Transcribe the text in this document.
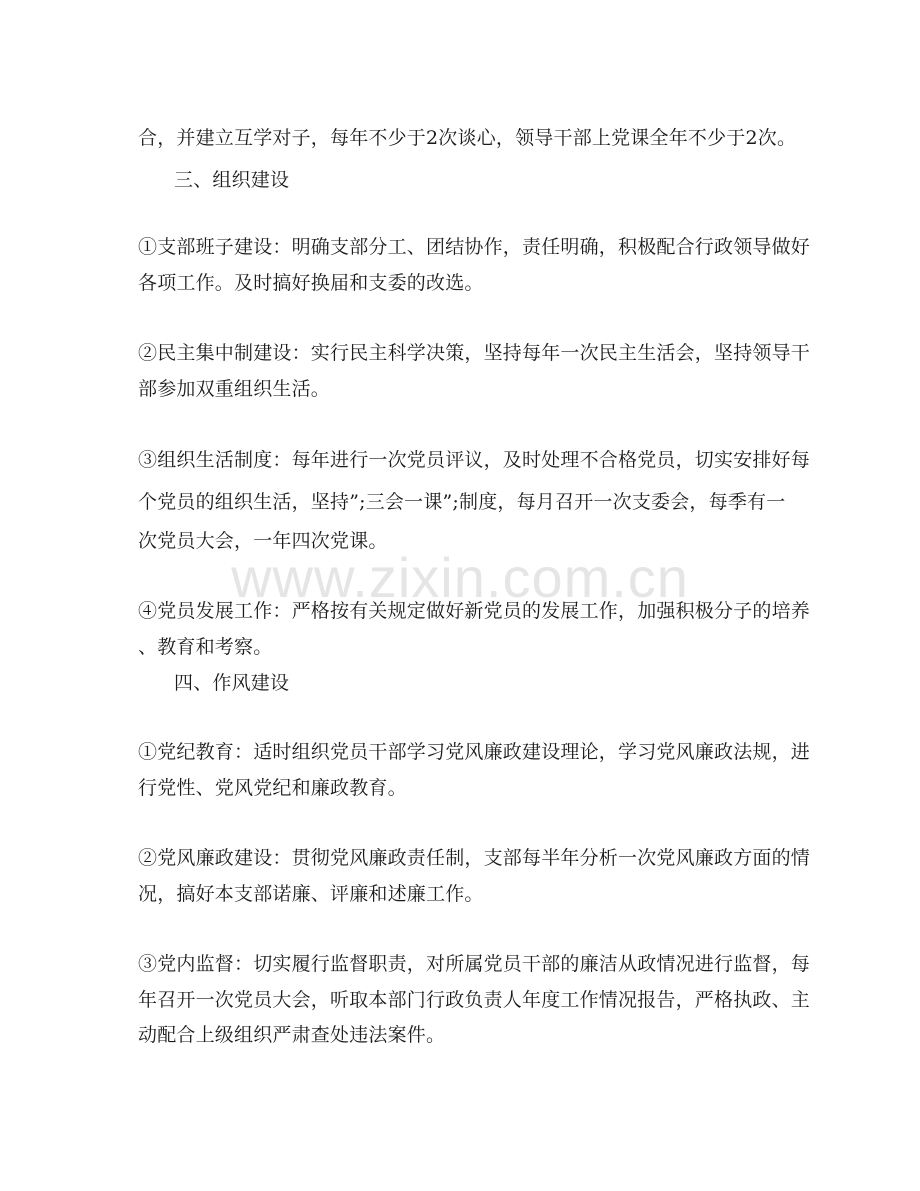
合，并建立互学对子，每年不少于2次谈心，领导干部上党课全年不少于2次。
三、组织建设
①支部班子建设：明确支部分工、团结协作，责任明确，积极配合行政领导做好
各项工作。及时搞好换届和支委的改选。
②民主集中制建设：实行民主科学决策，坚持每年一次民主生活会，坚持领导干
部参加双重组织生活。
③组织生活制度：每年进行一次党员评议，及时处理不合格党员，切实安排好每
个党员的组织生活，坚持”;三会一课”;制度，每月召开一次支委会，每季有一
次党员大会，一年四次党课。
④党员发展工作：严格按有关规定做好新党员的发展工作，加强积极分子的培养
、教育和考察。
四、作风建设
①党纪教育：适时组织党员干部学习党风廉政建设理论，学习党风廉政法规，进
行党性、党风党纪和廉政教育。
②党风廉政建设：贯彻党风廉政责任制，支部每半年分析一次党风廉政方面的情
况，搞好本支部诺廉、评廉和述廉工作。
③党内监督：切实履行监督职责，对所属党员干部的廉洁从政情况进行监督，每
年召开一次党员大会，听取本部门行政负责人年度工作情况报告，严格执政、主
动配合上级组织严肃查处违法案件。
www.zixin.com.cn
